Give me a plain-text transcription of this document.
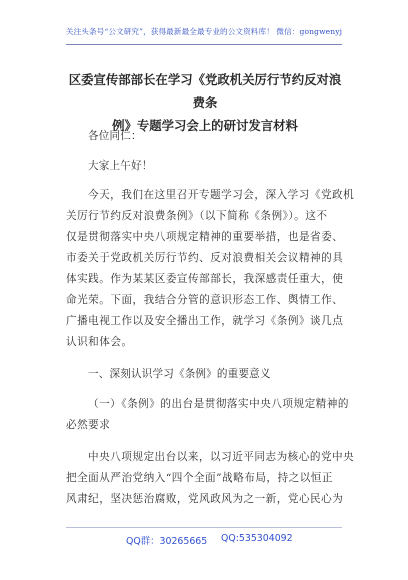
关注头条号“公文研究”，获得最新最全最专业的公文资料库！ 微信：gongwenyj
区委宣传部部长在学习《党政机关厉行节约反对浪费条
例》专题学习会上的研讨发言材料
各位同仁：
大家上午好！
今天，我们在这里召开专题学习会，深入学习《党政机
关厉行节约反对浪费条例》（以下简称《条例》）。这不
仅是贯彻落实中央八项规定精神的重要举措，也是省委、
市委关于党政机关厉行节约、反对浪费相关会议精神的具
体实践。作为某某区委宣传部部长，我深感责任重大，使
命光荣。下面，我结合分管的意识形态工作、舆情工作、
广播电视工作以及安全播出工作，就学习《条例》谈几点
认识和体会。
一、深刻认识学习《条例》的重要意义
（一）《条例》的出台是贯彻落实中央八项规定精神的
必然要求
中央八项规定出台以来，以习近平同志为核心的党中央
把全面从严治党纳入“四个全面”战略布局，持之以恒正
风肃纪，坚决惩治腐败，党风政风为之一新，党心民心为
QQ群：30265665 QQ:535304092
